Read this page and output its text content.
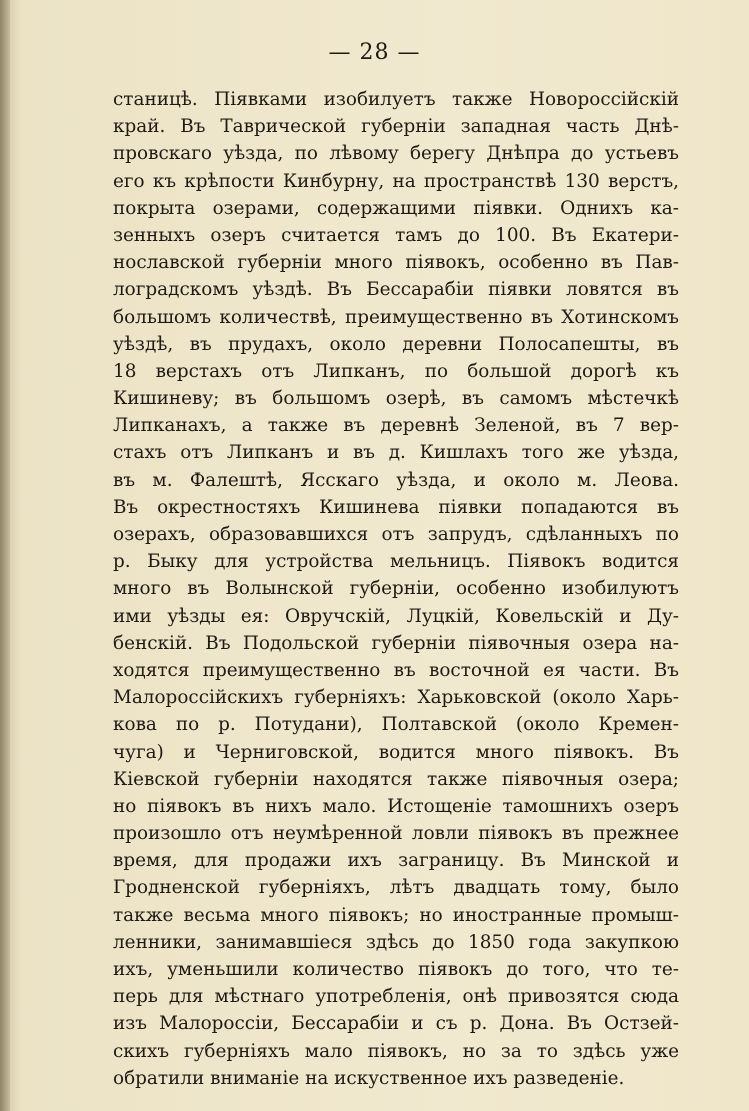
— 28 —
станицѣ. Піявками изобилуетъ также Новороссійскій
край. Въ Таврической губерніи западная часть Днѣ-
провскаго уѣзда, по лѣвому берегу Днѣпра до устьевъ
его къ крѣпости Кинбурну, на пространствѣ 130 верстъ,
покрыта озерами, содержащими піявки. Однихъ ка-
зенныхъ озеръ считается тамъ до 100. Въ Екатери-
нославской губерніи много піявокъ, особенно въ Пав-
лоградскомъ уѣздѣ. Въ Бессарабіи піявки ловятся въ
большомъ количествѣ, преимущественно въ Хотинскомъ
уѣздѣ, въ прудахъ, около деревни Полосапешты, въ
18 верстахъ отъ Липканъ, по большой дорогѣ къ
Кишиневу; въ большомъ озерѣ, въ самомъ мѣстечкѣ
Липканахъ, а также въ деревнѣ Зеленой, въ 7 вер-
стахъ отъ Липканъ и въ д. Кишлахъ того же уѣзда,
въ м. Фалештѣ, Ясскаго уѣзда, и около м. Леова.
Въ окрестностяхъ Кишинева піявки попадаются въ
озерахъ, образовавшихся отъ запрудъ, сдѣланныхъ по
р. Быку для устройства мельницъ. Піявокъ водится
много въ Волынской губерніи, особенно изобилуютъ
ими уѣзды ея: Овручскій, Луцкій, Ковельскій и Ду-
бенскій. Въ Подольской губерніи піявочныя озера на-
ходятся преимущественно въ восточной ея части. Въ
Малороссійскихъ губерніяхъ: Харьковской (около Харь-
кова по р. Потудани), Полтавской (около Кремен-
чуга) и Черниговской, водится много піявокъ. Въ
Кіевской губерніи находятся также піявочныя озера;
но піявокъ въ нихъ мало. Истощеніе тамошнихъ озеръ
произошло отъ неумѣренной ловли піявокъ въ прежнее
время, для продажи ихъ заграницу. Въ Минской и
Гродненской губерніяхъ, лѣтъ двадцать тому, было
также весьма много піявокъ; но иностранные промыш-
ленники, занимавшіеся здѣсь до 1850 года закупкою
ихъ, уменьшили количество піявокъ до того, что те-
перь для мѣстнаго употребленія, онѣ привозятся сюда
изъ Малороссіи, Бессарабіи и съ р. Дона. Въ Остзей-
скихъ губерніяхъ мало піявокъ, но за то здѣсь уже
обратили вниманіе на искуственное ихъ разведеніе.
